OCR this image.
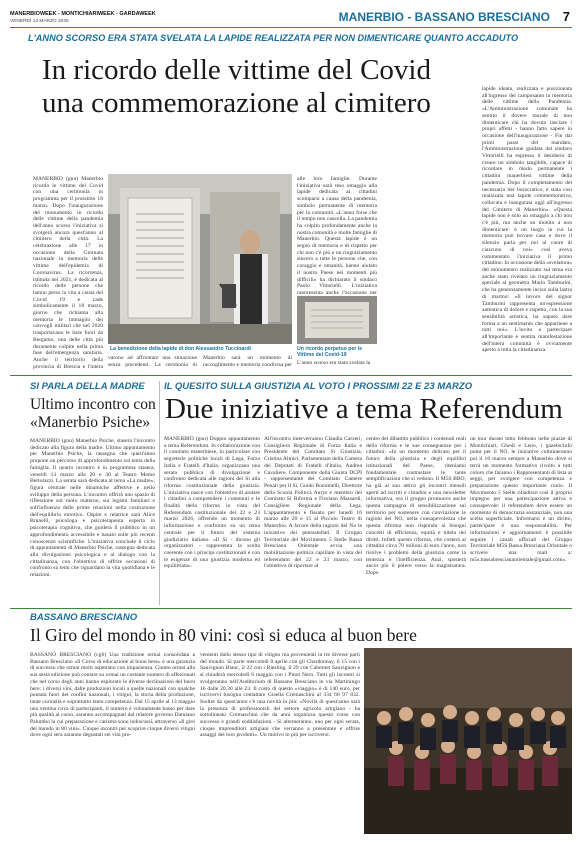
MANERBIOWEEK - MONTICHIARIWEEK - GARDAWEEK
VENERDÌ 13 MARZO 2026	MANERBIO - BASSANO BRESCIANO 7
L'ANNO SCORSO ERA STATA SVELATA LA LAPIDE REALIZZATA PER NON DIMENTICARE QUANTO ACCADUTO
In ricordo delle vittime del Covid
una commemorazione al cimitero
MANERBIO (gnu) Manerbio ricorda le vittime del Covid con una cerimonia in programma per il prossimo 18 marzo. Dopo l'inaugurazione del monumento in ricordo delle vittime della pandemia dell'anno scorso l'iniziativa si svolgerà ancora quest'anno al cimitero della città. La celebrazione alle 17 in occasione della Giornata nazionale in memoria delle vittime dell'epidemia di Coronavirus. La ricorrenza, istituita nel 2021, è dedicata al ricordo delle persone che hanno perso la vita a causa del Covid 19 e cade simbolicamente il 18 marzo, giorno che richiama alla memoria le immagini dei convogli militari che nel 2020 trasportavano le bare fuori da Bergamo, una delle città più duramente colpite nella prima fase dell'emergenza sanitaria. Anche il territorio della provincia di Brescia e l'intera
La benedizione della lapide di don Alessandro Tuccinardi
varono ad affrontare una situazione senza precedenti. La cerimonia di Manerbio sarà un momento di raccoglimento e memoria condivisa per
alle loro famiglie. Durante l'iniziativa sarà reso omaggio alla lapide dedicata ai cittadini scomparsi a causa della pandemia, simbolo permanente di memoria per la comunità. «L'anno forse che il tempo non cancella. La pandemia ha colpito profondamente anche la nostra comunità e molte famiglie di Manerbio. Questa lapide è un segno di memoria e di rispetto per chi non c'è più e un ringraziamento sincero a tutte le persone che, con coraggio e umanità, hanno aiutato il nostro Paese nei momenti più difficili» ha dichiarato il sindaco Paolo Vittorielli. L'iniziativa rappresenta anche l'occasione per
Un ricordo perpetuo per le Vittime del Covid-19
L'anno scorso era stata svelata la
lapide ideata, realizzata e posizionata all'ingresso del camposanto in memoria delle vittime della Pandemia. «L'Amministrazione comunale ha sentito il dovere morale di non dimenticare chi ha dovuto lasciare i propri affetti - hanno fatto sapere in occasione dell'inaugurazione - Fin dai primi passi del mandato, l'Amministrazione guidata dal sindaco Vittorielli ha espresso il desiderio di creare un simbolo tangibile, capace di ricordare in modo permanente i cittadini manerbiesi vittime della pandemia. Dopo il completamento del necessario iter burocratico, è stata così realizzata una lapide commemorativa, collocata e inaugurata oggi all'ingresso del Cimitero di Manerbio». «Questa lapide non è solo un omaggio a chi non c'è più, ma anche un monito a non dimenticare: è un luogo in cui la memoria può trovare casa e dove il silenzio parla per noi al cuore di ciascuno di noi» così aveva commentato l'iniziativa il primo cittadino. In occasione della «svelatura» del monumento realizzato sul tema era anche stato rivelato un ringraziamento speciale al geometra Mario Tamburini, che ha generosamente inciso sulla lastra di marmo: «Il lavoro del signor Tamburini rappresenta un'espressione autentica di dolore e rispetto, con la sua sensibilità artistica, ha saputo dare forma a un sentimento che appartiene a tutti noi». L'invito a partecipare all'importante e sentita manifestazione dell'intera comunità è ovviamente aperto a tutta la cittadinanza.
SI PARLA DELLA MADRE
Ultimo incontro con
«Manerbio Psiche»
MANERBIO (gnu) Manerbio Psiche, stasera l'incontro dedicato alla figura della madre. Ultimo appuntamento per Manerbio Psiche, la rassegna che quest'anno propone un percorso di approfondimento sul tema della famiglia. Il quarto incontro è in programma stasera, venerdì 13 marzo alle 20 e 30 al Teatro Memo Bertolazzi. La serata sarà dedicata al tema «La madre», figura centrale nelle dinamiche affettive e nello sviluppo della persona. L'incontro offrirà uno spazio di riflessione sul ruolo materno, sui legami familiari e sull'influenza delle prime relazioni nella costruzione dell'equilibrio emotivo. Ospite e relatrice sarà Alice Brunelli, psicologa e psicoterapeuta esperta in psicoterapia cognitiva, che guiderà il pubblico in un approfondimento accessibile e basato sulle più recenti conoscenze scientifiche. L'iniziativa conclude il ciclo di appuntamenti di Manerbio Psiche, rassegna dedicata alla divulgazione psicologica e al dialogo con la cittadinanza, con l'obiettivo di offrire occasioni di confronto su temi che riguardano la vita quotidiana e le relazioni.
IL QUESITO SULLA GIUSTIZIA AL VOTO I PROSSIMI 22 E 23 MARZO
Due iniziative a tema Referendum
MANERBIO (gnu) Doppio appuntamento a tema Referendum. In collaborazione con il comitato manerbiese, in particolare con segreterie politiche locali di Lega, Forza Italia e Fratelli d'Italia, organizzano una serata pubblica di divulgazione e confronto dedicata alle ragioni del Sì alla riforma costituzionale della giustizia. L'iniziativa nasce con l'obiettivo di aiutare i cittadini a comprendere i contenuti e le finalità della riforma in vista del Referendum costituzionale del 22 e 23 marzo 2026, offrendo un momento di informazione e confronto su un tema centrale per il futuro del sistema giudiziario italiano. «Il Sì - dicono gli organizzatori - rappresenta la scelta coerente con i principi costituzionali e con le esigenze di una giustizia moderna ed equilibrata».
All'incontro interverranno Claudia Carzeri, Consigliera Regionale di Forza Italia e Presidente del Comitato Sì Giustizia, Cristina Almici, Parlamentare della Camera dei Deputati di Fratelli d'Italia, Andrea Cavaliere, Componente della Giunta DCPI - rappresentante del Comitato Camere Penali per il Sì, Guido Bonomelli, Direttore della Scuola Politica Aurys e membro del Comitato Sì Riforma e Floriano Massardi, Consigliere Regionale della Lega. L'appuntamento è fissato per lunedì 16 marzo alle 20 e 15 al Piccolo Teatro di Manerbio. A favore della ragioni del No le iniziative dei pentastellati. Il Gruppo Territoriale del Movimento 5 Stelle Bassa Bresciana Orientale avvia una mobilitazione politica capillare in vista del referendum del 22 e 23 marzo, con l'obiettivo di riportare al
centro del dibattito pubblico i contenuti reali della riforma e le sue conseguenze per i cittadini: «In un momento delicato per il futuro della giustizia e degli equilibri istituzionali del Paese, riteniamo fondamentale contrastare le tante semplificazioni che si vedono. Il M5S BBO, ha già al suo attivo gli incontri mensili aperti ad iscritti e cittadini e una newsletter informativa, ora il gruppo promuove anche questa campagna di sensibilizzazione sul territorio per sostenere con convinzione le ragioni del NO, nella consapevolezza che questa riforma non risponda ai bisogni concreti di efficienza, equità e tutela dei diritti. Infatti questa riforma, che costerà ai cittadini circa 70 milioni di euro l'anno, non risolve i problemi della giustizia come la lentezza e l'inefficienza. Anzi, sposterà ancor più il potere verso la magistratura. Dopo
un tour durato tutto febbraio nelle piazze di Montichiari, Ghedi e Leno, i gazebo/info point per il NO, le iniziative culmineranno poi il 16 marzo sempre a Manerbio dove si terrà un momento formativo rivolto a tutti coloro che faranno i Rappresentanti di lista ai seggi, per svolgere con competenza e preparazione questo importante ruolo. Il Movimento 5 Stelle ribadisce così il proprio impegno per una partecipazione attiva e consapevole: il referendum deve essere un momento di democrazia sostanziale, non una scelta superficiale. Informarsi è un diritto, partecipare è una responsabilità. Per informazioni e aggiornamenti è possibile seguire i canali ufficiali del Gruppo Territoriale M5S Bassa Bresciana Orientale o scrivere una mail a: m5s.bassabrescianaorientale@gmail.com».
BASSANO BRESCIANO
Il Giro del mondo in 80 vini: così si educa al buon bere
BASSANO BRESCIANO (cg6) Una tradizione ormai consolidata a Bassano Bresciano «Il Corso di educazione al buon bere» è una garanzia di successo che ormai molti aspettano con impazienza. Giunto ormai alla sua sesta edizione può contare su ormai un costante numero di affezionati che nel corso degli anni hanno esplorato le diverse declinazioni del buon bere: i diversi vini, dalle produzioni locali a quelle nazionali con qualche puntata fuori dei confini nazionali, i vitigni, la storia della produzione, tante curiosità e soprattutto tanta competenza. Dal 15 aprile al 13 maggio una ventina circa di partecipanti, il numero è volutamente basso per dare più qualità al corso, saranno accompagnati dal relatore governo Damiano Palumbo la cui preparazione e carisma sono indiscussi, attraverso «Il giro del mondo in 80 vini». Cinque incontri per scoprire cinque diversi vitigni dove ogni sera saranno degustati sei vini pro-
venienti dallo stesso tipo di vitigno ma provenienti in tre diverse parti del mondo. Si parte mercoledì 8 aprile con gli Chardonnay, il 15 con i Sauvignon Blanc, il 22 con i Riesling, il 29 con Cabernet Sauvignon e si chiuderà mercoledì 6 maggio con i Pinot Nero. Tutti gli incontri si svolgeranno nell'Auditorium di Bassano Bresciano in via Martiningo 16 dalle 20,30 alle 23. Il costo di questo «viaggio» è di 140 euro, per iscrivervi bisogna contattare Gisella Cremaschini al 334 68 97 832. Inoltre da quest'anno c'è una novità in più: «Novità di quest'anno sarà la presenza di professionisti del settore agricolo artigiano - ha sottolineato Cremaschini che da anni organizza questo corso con successo e grandi soddisfazioni - Si alterneranno, uno per ogni serata, cinque imprenditori artigiani che verranno a presentare e offrire assaggi dei loro prodotti». Un motivo in più per iscriversi.
